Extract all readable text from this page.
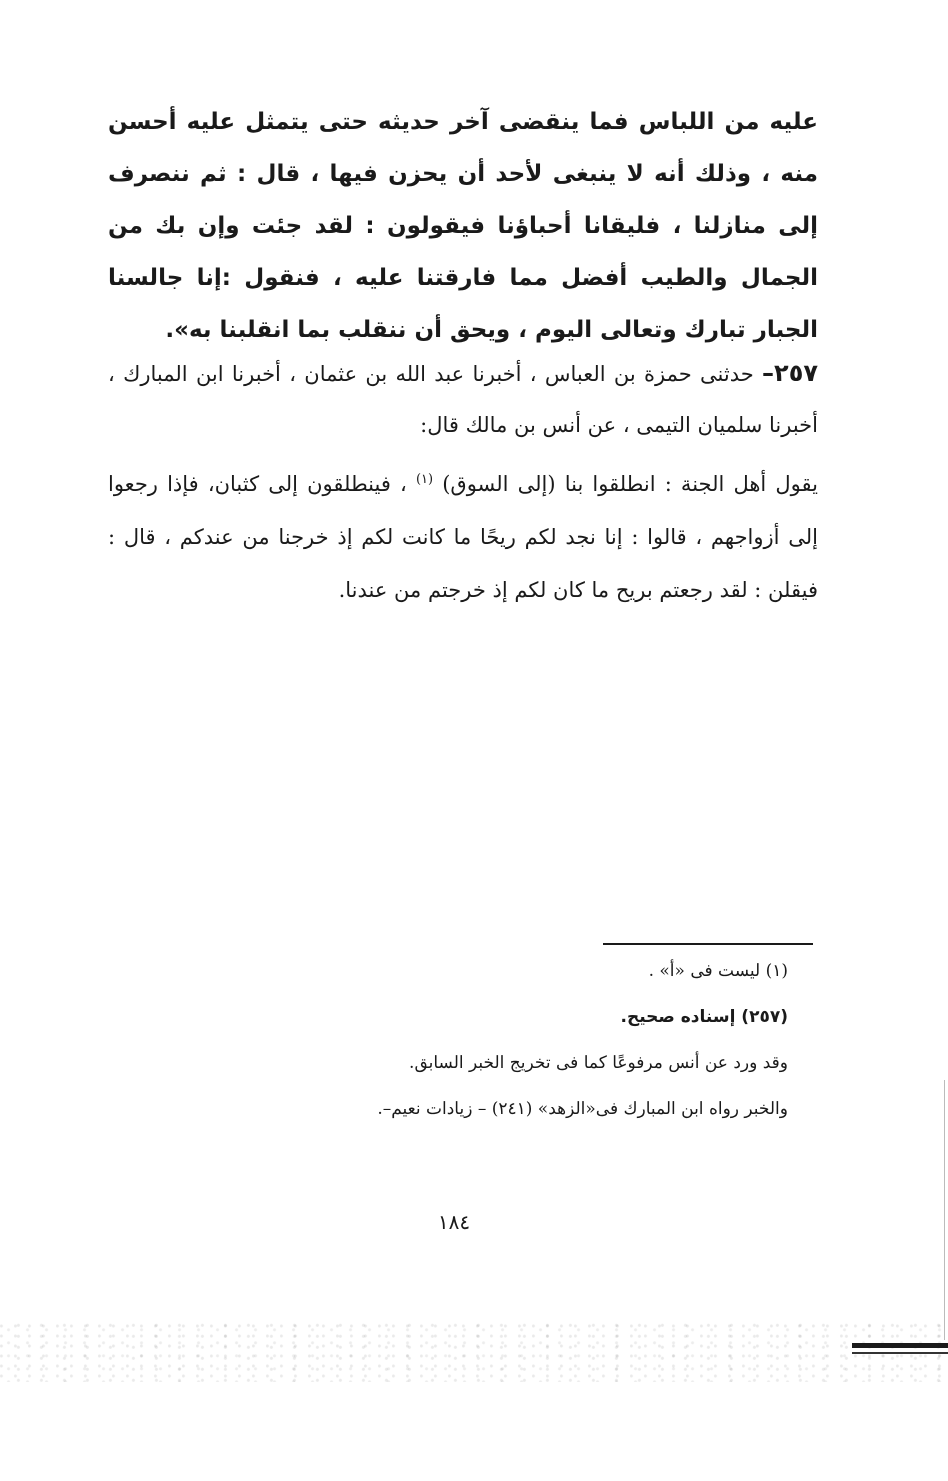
عليه من اللباس فما ينقضى آخر حديثه حتى يتمثل عليه أحسن منه ، وذلك أنه لا ينبغى لأحد أن يحزن فيها ، قال : ثم ننصرف إلى منازلنا ، فليقانا أحباؤنا فيقولون : لقد جئت وإن بك من الجمال والطيب أفضل مما فارقتنا عليه ، فنقول :إنا جالسنا الجبار تبارك وتعالى اليوم ، ويحق أن ننقلب بما انقلبنا به».
٢٥٧– حدثنى حمزة بن العباس ، أخبرنا عبد الله بن عثمان ، أخبرنا ابن المبارك ، أخبرنا سلميان التيمى ، عن أنس بن مالك قال:
يقول أهل الجنة : انطلقوا بنا (إلى السوق) $^{(١)}$ ، فينطلقون إلى كثبان، فإذا رجعوا إلى أزواجهم ، قالوا : إنا نجد لكم ريحًا ما كانت لكم إذ خرجنا من عندكم ، قال : فيقلن : لقد رجعتم بريح ما كان لكم إذ خرجتم من عندنا.
(١) ليست فى «أ» .
(٢٥٧) إسناده صحيح.
وقد ورد عن أنس مرفوعًا كما فى تخريج الخبر السابق.
والخبر رواه ابن المبارك فى«الزهد» (٢٤١) – زيادات نعيم–.
١٨٤
